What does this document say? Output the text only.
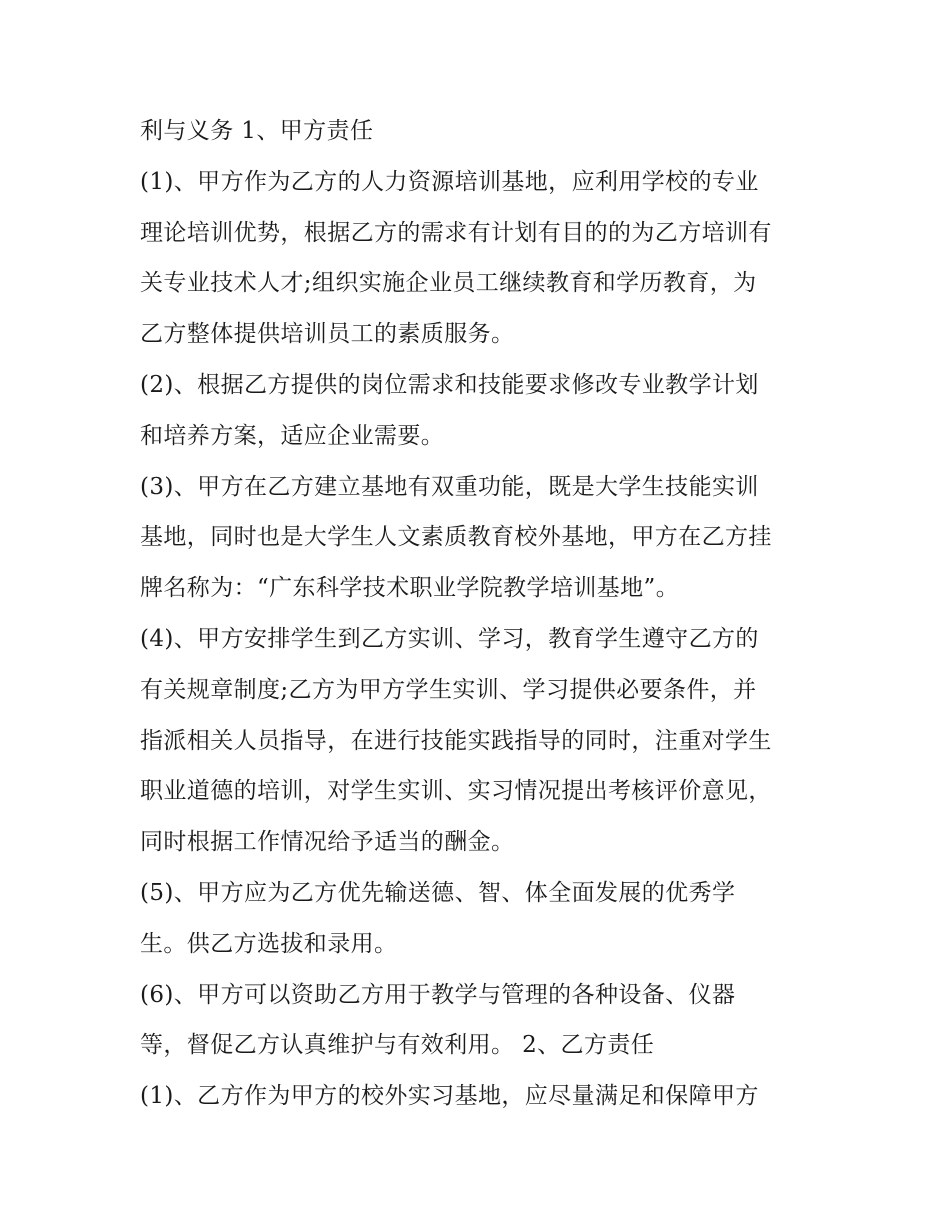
利与义务 1、甲方责任
(1)、甲方作为乙方的人力资源培训基地，应利用学校的专业
理论培训优势，根据乙方的需求有计划有目的的为乙方培训有
关专业技术人才;组织实施企业员工继续教育和学历教育，为
乙方整体提供培训员工的素质服务。
(2)、根据乙方提供的岗位需求和技能要求修改专业教学计划
和培养方案，适应企业需要。
(3)、甲方在乙方建立基地有双重功能，既是大学生技能实训
基地，同时也是大学生人文素质教育校外基地，甲方在乙方挂
牌名称为：“广东科学技术职业学院教学培训基地”。
(4)、甲方安排学生到乙方实训、学习，教育学生遵守乙方的
有关规章制度;乙方为甲方学生实训、学习提供必要条件，并
指派相关人员指导，在进行技能实践指导的同时，注重对学生
职业道德的培训，对学生实训、实习情况提出考核评价意见，
同时根据工作情况给予适当的酬金。
(5)、甲方应为乙方优先输送德、智、体全面发展的优秀学
生。供乙方选拔和录用。
(6)、甲方可以资助乙方用于教学与管理的各种设备、仪器
等，督促乙方认真维护与有效利用。 2、乙方责任
(1)、乙方作为甲方的校外实习基地，应尽量满足和保障甲方
